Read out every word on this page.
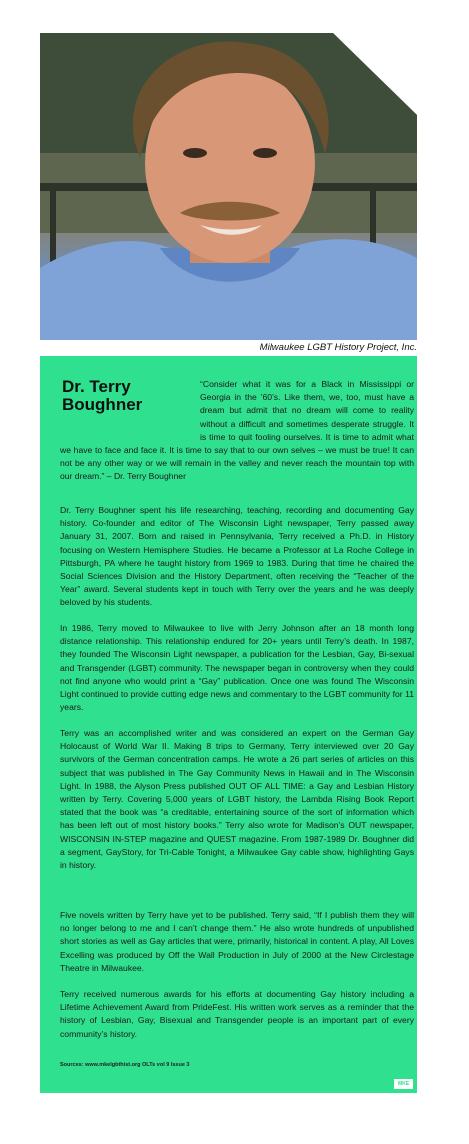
Milwaukee LGBT History Project, Inc.
Dr. Terry Boughner
“Consider what it was for a Black in Mississippi or Georgia in the ’60’s. Like them, we, too, must have a dream but admit that no dream will come to reality without a difficult and sometimes desperate struggle. It is time to quit fooling ourselves. It is time to admit what we have to face and face it. It is time to say that to our own selves – we must be true! It can not be any other way or we will remain in the valley and never reach the mountain top with our dream.” – Dr. Terry Boughner
Dr. Terry Boughner spent his life researching, teaching, recording and documenting Gay history. Co-founder and editor of The Wisconsin Light newspaper, Terry passed away January 31, 2007. Born and raised in Pennsylvania, Terry received a Ph.D. in History focusing on Western Hemisphere Studies. He became a Professor at La Roche College in Pittsburgh, PA where he taught history from 1969 to 1983. During that time he chaired the Social Sciences Division and the History Department, often receiving the “Teacher of the Year” award. Several students kept in touch with Terry over the years and he was deeply beloved by his students.
In 1986, Terry moved to Milwaukee to live with Jerry Johnson after an 18 month long distance relationship. This relationship endured for 20+ years until Terry’s death. In 1987, they founded The Wisconsin Light newspaper, a publication for the Lesbian, Gay, Bi-sexual and Transgender (LGBT) community. The newspaper began in controversy when they could not find anyone who would print a “Gay” publication. Once one was found The Wisconsin Light continued to provide cutting edge news and commentary to the LGBT community for 11 years.
Terry was an accomplished writer and was considered an expert on the German Gay Holocaust of World War II. Making 8 trips to Germany, Terry interviewed over 20 Gay survivors of the German concentration camps. He wrote a 26 part series of articles on this subject that was published in The Gay Community News in Hawaii and in The Wisconsin Light. In 1988, the Alyson Press published OUT OF ALL TIME: a Gay and Lesbian History written by Terry. Covering 5,000 years of LGBT history, the Lambda Rising Book Report stated that the book was “a creditable, entertaining source of the sort of information which has been left out of most history books.” Terry also wrote for Madison’s OUT newspaper, WISCONSIN IN-STEP magazine and QUEST magazine. From 1987-1989 Dr. Boughner did a segment, GayStory, for Tri-Cable Tonight, a Milwaukee Gay cable show, highlighting Gays in history.
Five novels written by Terry have yet to be published. Terry said, “If I publish them they will no longer belong to me and I can’t change them.” He also wrote hundreds of unpublished short stories as well as Gay articles that were, primarily, historical in content. A play, All Loves Excelling was produced by Off the Wall Production in July of 2000 at the New Circlestage Theatre in Milwaukee.
Terry received numerous awards for his efforts at documenting Gay history including a Lifetime Achievement Award from PrideFest. His written work serves as a reminder that the history of Lesbian, Gay, Bisexual and Transgender people is an important part of every community’s history.
Sources: www.mkelgbthist.org OLTs vol 9 Issue 3
MKE
